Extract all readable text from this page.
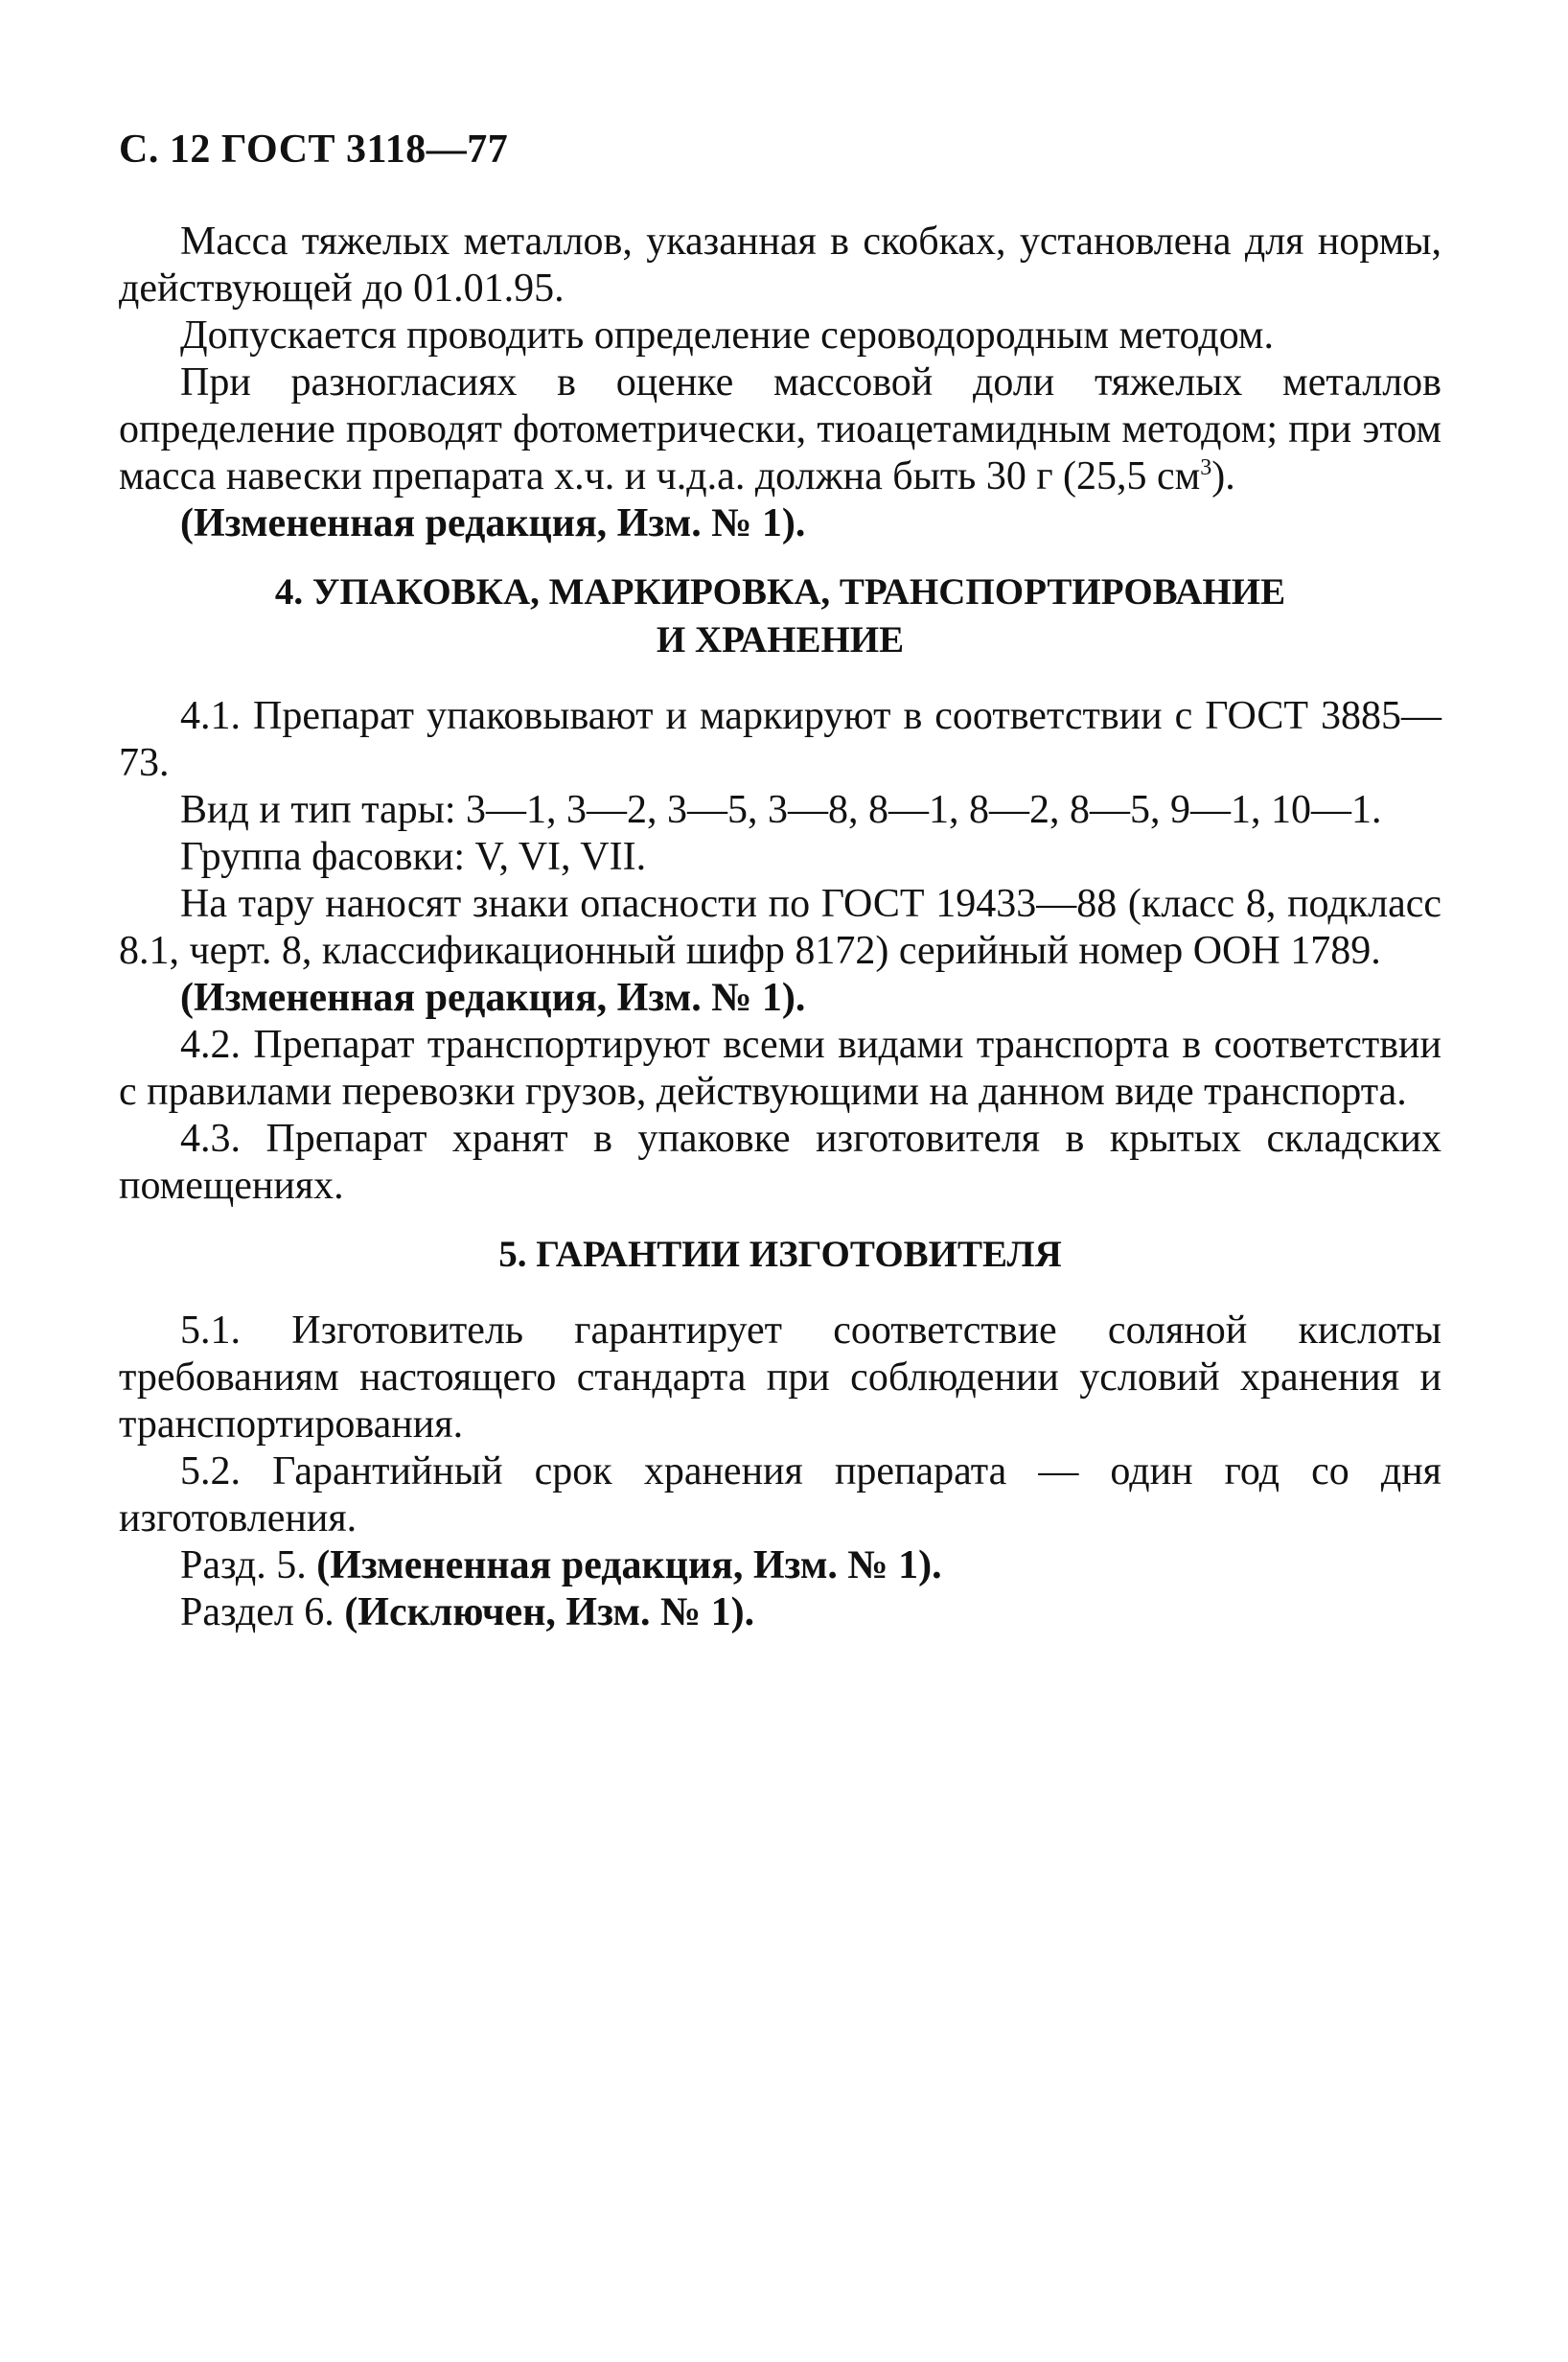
С. 12 ГОСТ 3118—77

Масса тяжелых металлов, указанная в скобках, установлена для нормы, действующей до 01.01.95.

Допускается проводить определение сероводородным методом.

При разногласиях в оценке массовой доли тяжелых металлов определение проводят фотометрически, тиоацетамидным методом; при этом масса навески препарата х.ч. и ч.д.а. должна быть 30 г (25,5 $см^3$).

(Измененная редакция, Изм. № 1).

4. УПАКОВКА, МАРКИРОВКА, ТРАНСПОРТИРОВАНИЕ
И ХРАНЕНИЕ

4.1. Препарат упаковывают и маркируют в соответствии с ГОСТ 3885—73.

Вид и тип тары: 3—1, 3—2, 3—5, 3—8, 8—1, 8—2, 8—5, 9—1, 10—1.

Группа фасовки: V, VI, VII.

На тару наносят знаки опасности по ГОСТ 19433—88 (класс 8, подкласс 8.1, черт. 8, классификационный шифр 8172) серийный номер ООН 1789.

(Измененная редакция, Изм. № 1).

4.2. Препарат транспортируют всеми видами транспорта в соответствии с правилами перевозки грузов, действующими на данном виде транспорта.

4.3. Препарат хранят в упаковке изготовителя в крытых складских помещениях.

5. ГАРАНТИИ ИЗГОТОВИТЕЛЯ

5.1. Изготовитель гарантирует соответствие соляной кислоты требованиям настоящего стандарта при соблюдении условий хранения и транспортирования.

5.2. Гарантийный срок хранения препарата — один год со дня изготовления.

Разд. 5. (Измененная редакция, Изм. № 1).

Раздел 6. (Исключен, Изм. № 1).
